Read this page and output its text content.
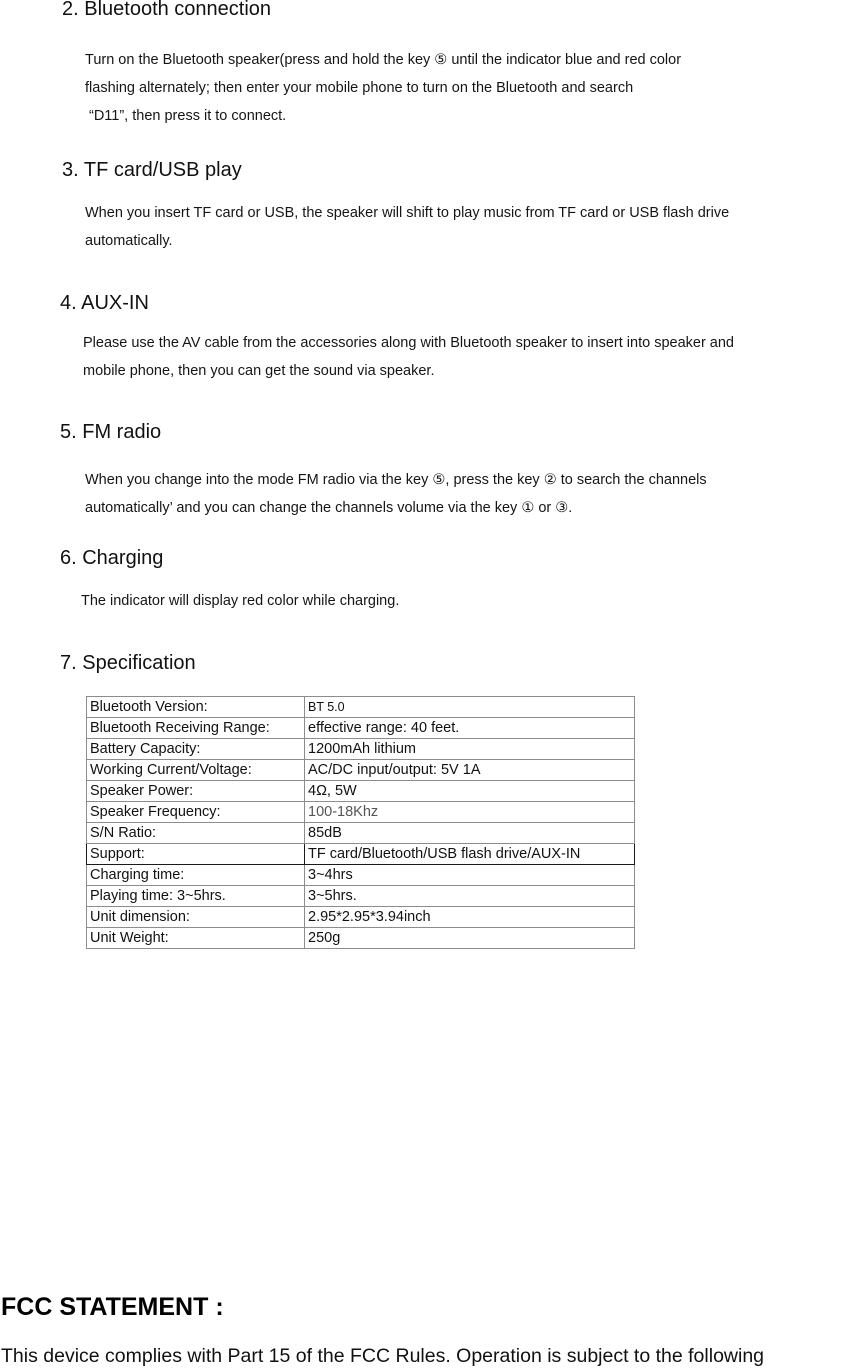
2. Bluetooth connection

Turn on the Bluetooth speaker(press and hold the key ⑤ until the indicator blue and red color

flashing alternately; then enter your mobile phone to turn on the Bluetooth and search

“D11”, then press it to connect.

3. TF card/USB play

When you insert TF card or USB, the speaker will shift to play music from TF card or USB flash drive

automatically.

4. AUX-IN

Please use the AV cable from the accessories along with Bluetooth speaker to insert into speaker and

mobile phone, then you can get the sound via speaker.

5. FM radio

When you change into the mode FM radio via the key ⑤, press the key ② to search the channels

automatically’ and you can change the channels volume via the key ① or ③.

6. Charging

The indicator will display red color while charging.

7. Specification
Bluetooth Version:	BT 5.0
Bluetooth Receiving Range:	effective range: 40 feet.
Battery Capacity:	1200mAh lithium
Working Current/Voltage:	AC/DC input/output: 5V 1A
Speaker Power:	4Ω, 5W
Speaker Frequency:	100-18Khz
S/N Ratio:	85dB
Support:	TF card/Bluetooth/USB flash drive/AUX-IN
Charging time:	3~4hrs
Playing time: 3~5hrs.	3~5hrs.
Unit dimension:	2.95*2.95*3.94inch
Unit Weight:	250g
FCC STATEMENT :

This device complies with Part 15 of the FCC Rules. Operation is subject to the following
